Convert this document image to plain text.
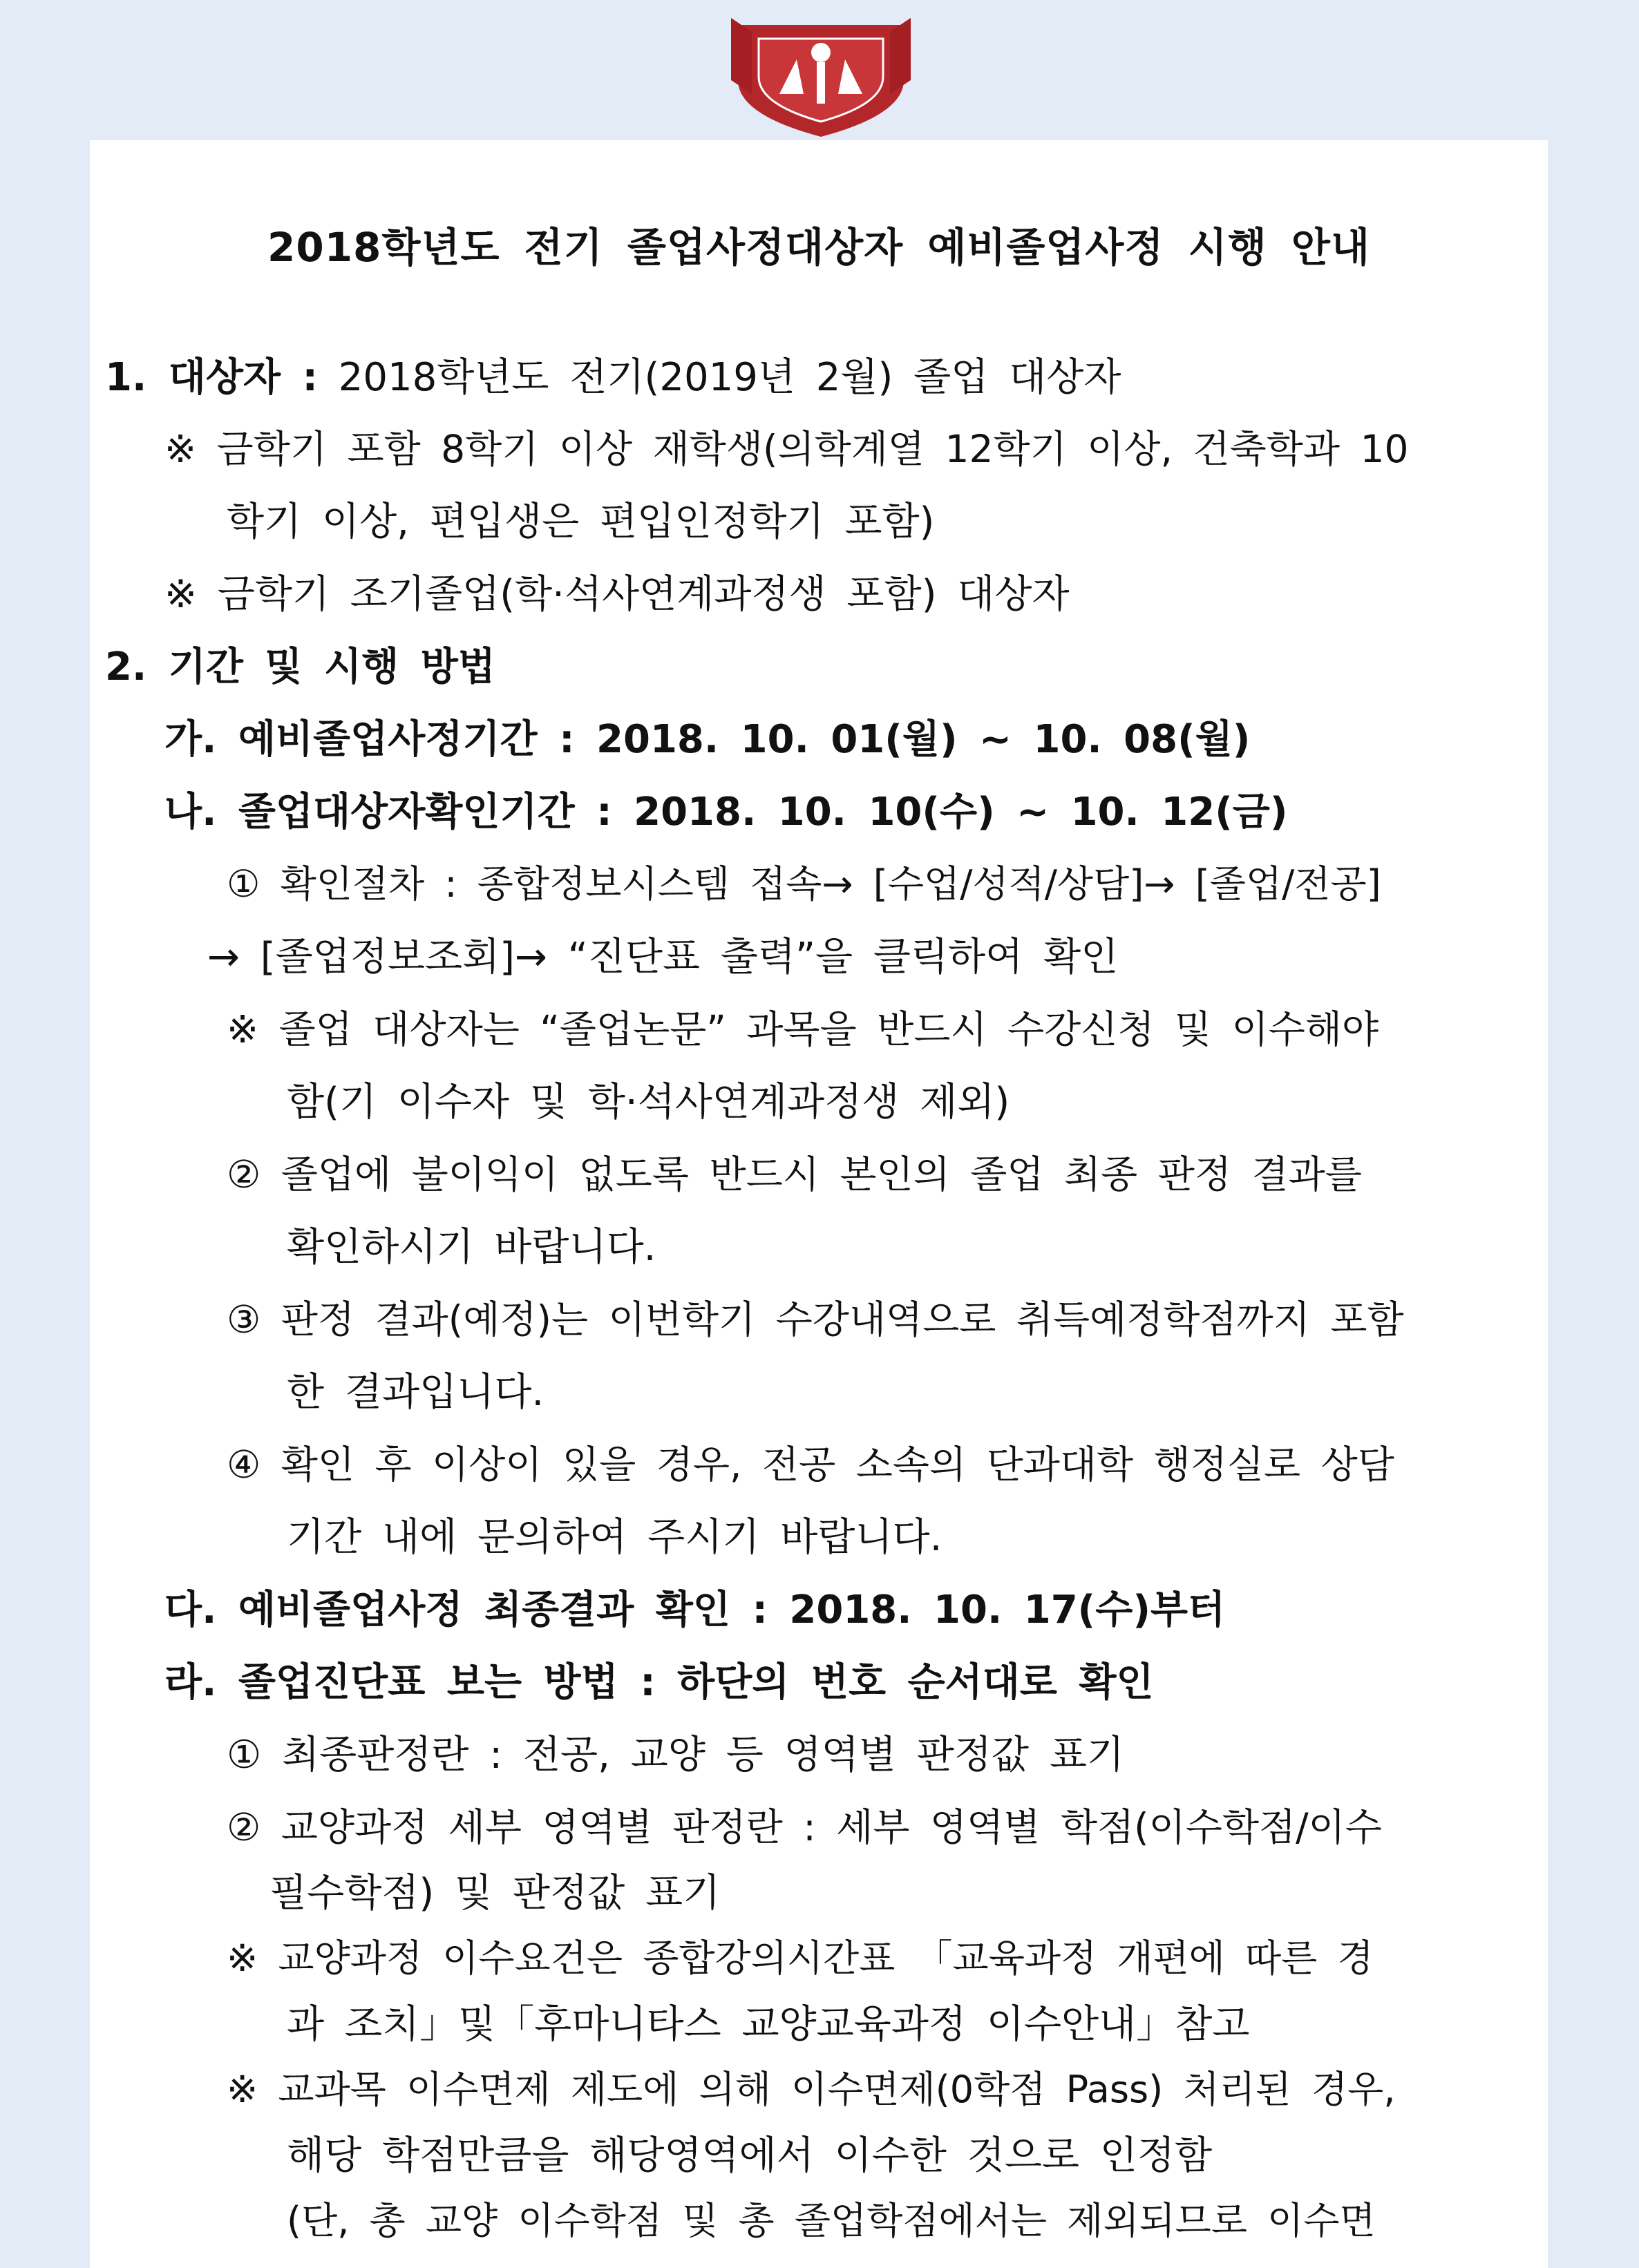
2018학년도 전기 졸업사정대상자 예비졸업사정 시행 안내
1. 대상자 : 2018학년도 전기(2019년 2월) 졸업 대상자
※ 금학기 포함 8학기 이상 재학생(의학계열 12학기 이상, 건축학과 10
학기 이상, 편입생은 편입인정학기 포함)
※ 금학기 조기졸업(학·석사연계과정생 포함) 대상자
2. 기간 및 시행 방법
가. 예비졸업사정기간 : 2018. 10. 01(월) ~ 10. 08(월)
나. 졸업대상자확인기간 : 2018. 10. 10(수) ~ 10. 12(금)
① 확인절차 : 종합정보시스템 접속→ [수업/성적/상담]→ [졸업/전공]
→ [졸업정보조회]→ “진단표 출력”을 클릭하여 확인
※ 졸업 대상자는 “졸업논문” 과목을 반드시 수강신청 및 이수해야
함(기 이수자 및 학·석사연계과정생 제외)
② 졸업에 불이익이 없도록 반드시 본인의 졸업 최종 판정 결과를
확인하시기 바랍니다.
③ 판정 결과(예정)는 이번학기 수강내역으로 취득예정학점까지 포함
한 결과입니다.
④ 확인 후 이상이 있을 경우, 전공 소속의 단과대학 행정실로 상담
기간 내에 문의하여 주시기 바랍니다.
다. 예비졸업사정 최종결과 확인 : 2018. 10. 17(수)부터
라. 졸업진단표 보는 방법 : 하단의 번호 순서대로 확인
① 최종판정란 : 전공, 교양 등 영역별 판정값 표기
② 교양과정 세부 영역별 판정란 : 세부 영역별 학점(이수학점/이수
필수학점) 및 판정값 표기
※ 교양과정 이수요건은 종합강의시간표 「교육과정 개편에 따른 경
과 조치」및「후마니타스 교양교육과정 이수안내」참고
※ 교과목 이수면제 제도에 의해 이수면제(0학점 Pass) 처리된 경우,
해당 학점만큼을 해당영역에서 이수한 것으로 인정함
(단, 총 교양 이수학점 및 총 졸업학점에서는 제외되므로 이수면
